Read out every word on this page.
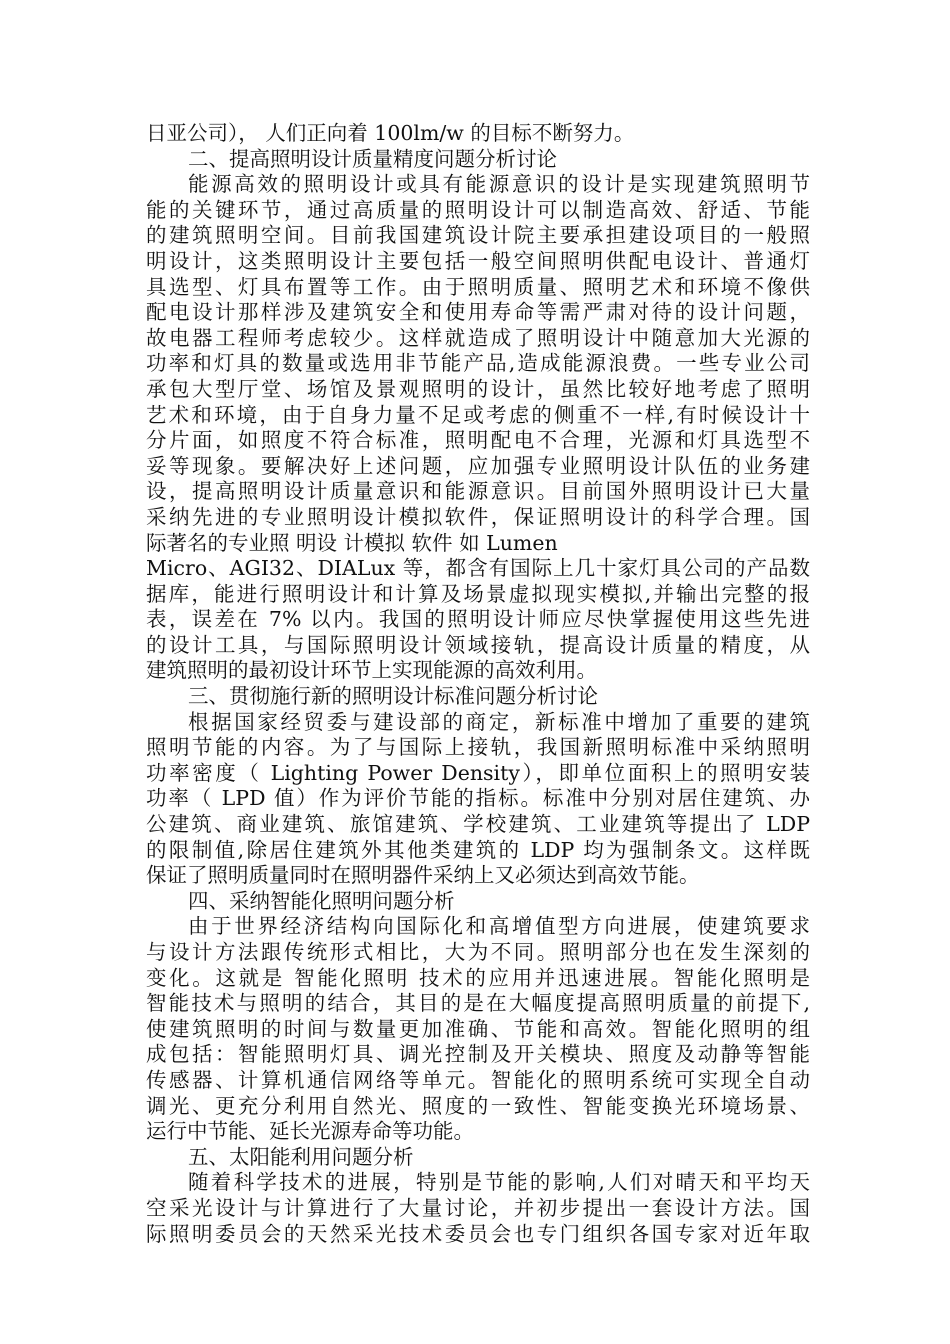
日亚公司）， 人们正向着 100lm/w 的目标不断努力。
二、提高照明设计质量精度问题分析讨论
能源高效的照明设计或具有能源意识的设计是实现建筑照明节
能的关键环节，通过高质量的照明设计可以制造高效、舒适、节能
的建筑照明空间。目前我国建筑设计院主要承担建设项目的一般照
明设计，这类照明设计主要包括一般空间照明供配电设计、普通灯
具选型、灯具布置等工作。由于照明质量、照明艺术和环境不像供
配电设计那样涉及建筑安全和使用寿命等需严肃对待的设计问题，
故电器工程师考虑较少。这样就造成了照明设计中随意加大光源的
功率和灯具的数量或选用非节能产品,造成能源浪费。一些专业公司
承包大型厅堂、场馆及景观照明的设计，虽然比较好地考虑了照明
艺术和环境，由于自身力量不足或考虑的侧重不一样,有时候设计十
分片面，如照度不符合标准，照明配电不合理，光源和灯具选型不
妥等现象。要解决好上述问题，应加强专业照明设计队伍的业务建
设，提高照明设计质量意识和能源意识。目前国外照明设计已大量
采纳先进的专业照明设计模拟软件，保证照明设计的科学合理。国
际著名的专业照 明设 计模拟 软件 如 Lumen
Micro、AGI32、DIALux 等，都含有国际上几十家灯具公司的产品数
据库，能进行照明设计和计算及场景虚拟现实模拟,并输出完整的报
表，误差在 7% 以内。我国的照明设计师应尽快掌握使用这些先进
的设计工具，与国际照明设计领域接轨，提高设计质量的精度，从
建筑照明的最初设计环节上实现能源的高效利用。
三、贯彻施行新的照明设计标准问题分析讨论
根据国家经贸委与建设部的商定，新标准中增加了重要的建筑
照明节能的内容。为了与国际上接轨，我国新照明标准中采纳照明
功率密度（ Lighting Power Density），即单位面积上的照明安装
功率（ LPD 值）作为评价节能的指标。标准中分别对居住建筑、办
公建筑、商业建筑、旅馆建筑、学校建筑、工业建筑等提出了 LDP
的限制值,除居住建筑外其他类建筑的 LDP 均为强制条文。这样既
保证了照明质量同时在照明器件采纳上又必须达到高效节能。
四、采纳智能化照明问题分析
由于世界经济结构向国际化和高增值型方向进展，使建筑要求
与设计方法跟传统形式相比，大为不同。照明部分也在发生深刻的
变化。这就是 智能化照明 技术的应用并迅速进展。智能化照明是
智能技术与照明的结合，其目的是在大幅度提高照明质量的前提下,
使建筑照明的时间与数量更加准确、节能和高效。智能化照明的组
成包括：智能照明灯具、调光控制及开关模块、照度及动静等智能
传感器、计算机通信网络等单元。智能化的照明系统可实现全自动
调光、更充分利用自然光、照度的一致性、智能变换光环境场景、
运行中节能、延长光源寿命等功能。
五、太阳能利用问题分析
随着科学技术的进展，特别是节能的影响,人们对晴天和平均天
空采光设计与计算进行了大量讨论，并初步提出一套设计方法。国
际照明委员会的天然采光技术委员会也专门组织各国专家对近年取
